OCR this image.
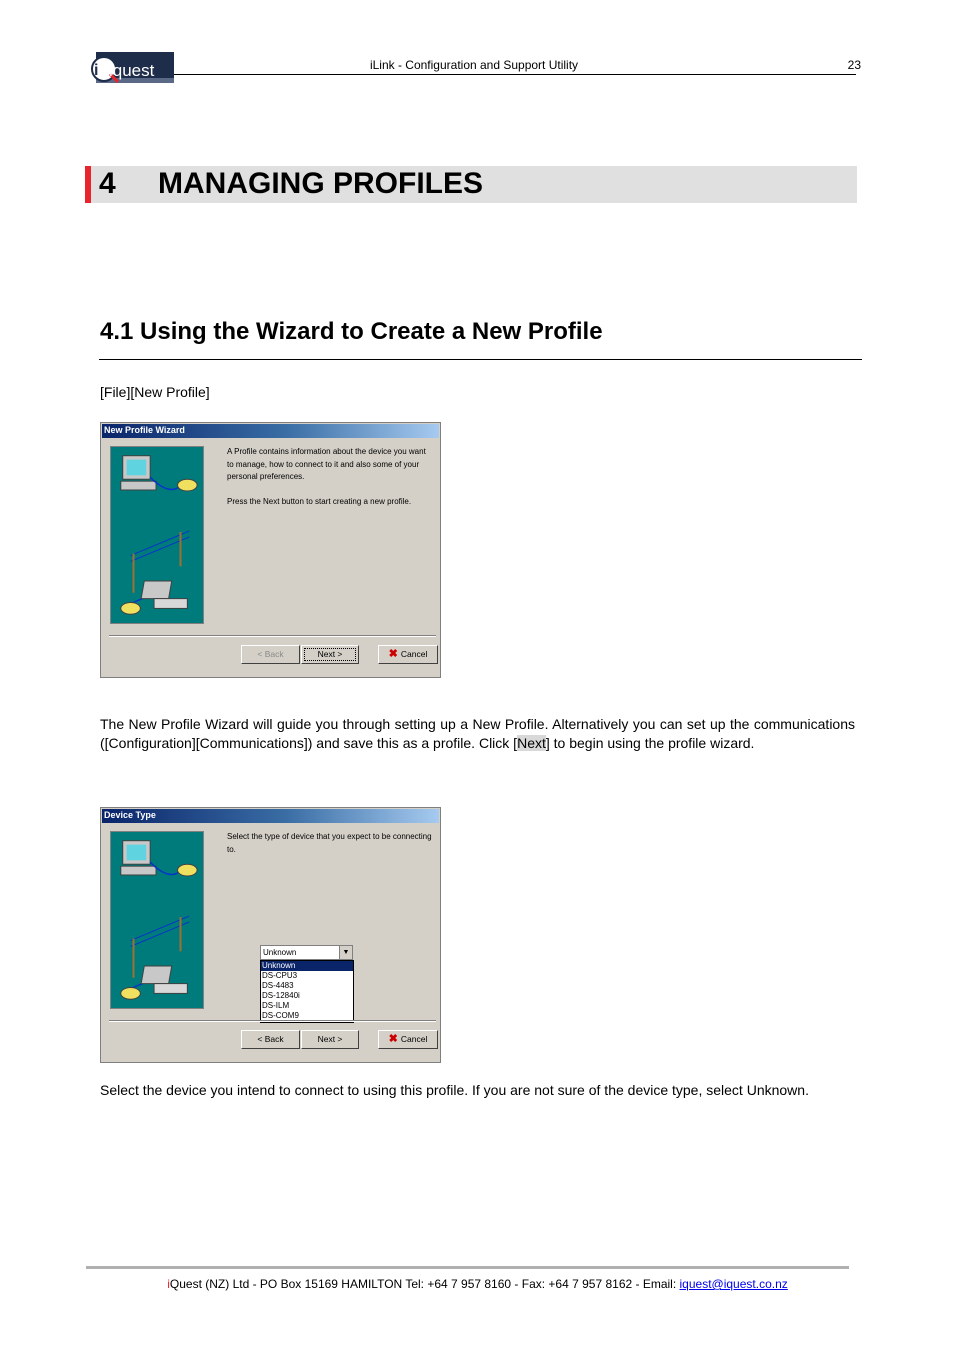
i iquest	iLink - Configuration and Support Utility	23
4 MANAGING PROFILES
4.1 Using the Wizard to Create a New Profile
[File][New Profile]
New Profile Wizard

A Profile contains information about the device you want to manage, how to connect to it and also some of your personal preferences.

Press the Next button to start creating a new profile.

< Back	Next >	✖ Cancel
The New Profile Wizard will guide you through setting up a New Profile. Alternatively you can set up the communications ([Configuration][Communications]) and save this as a profile. Click [Next] to begin using the profile wizard.
Device Type

Select the type of device that you expect to be connecting to.

Unknown	▼
Unknown
DS-CPU3
DS-4483
DS-12840i
DS-ILM
DS-COM9
< Back	Next >	✖ Cancel
Select the device you intend to connect to using this profile. If you are not sure of the device type, select Unknown.
iQuest (NZ) Ltd - PO Box 15169 HAMILTON Tel: +64 7 957 8160 - Fax: +64 7 957 8162 - Email: iquest@iquest.co.nz
